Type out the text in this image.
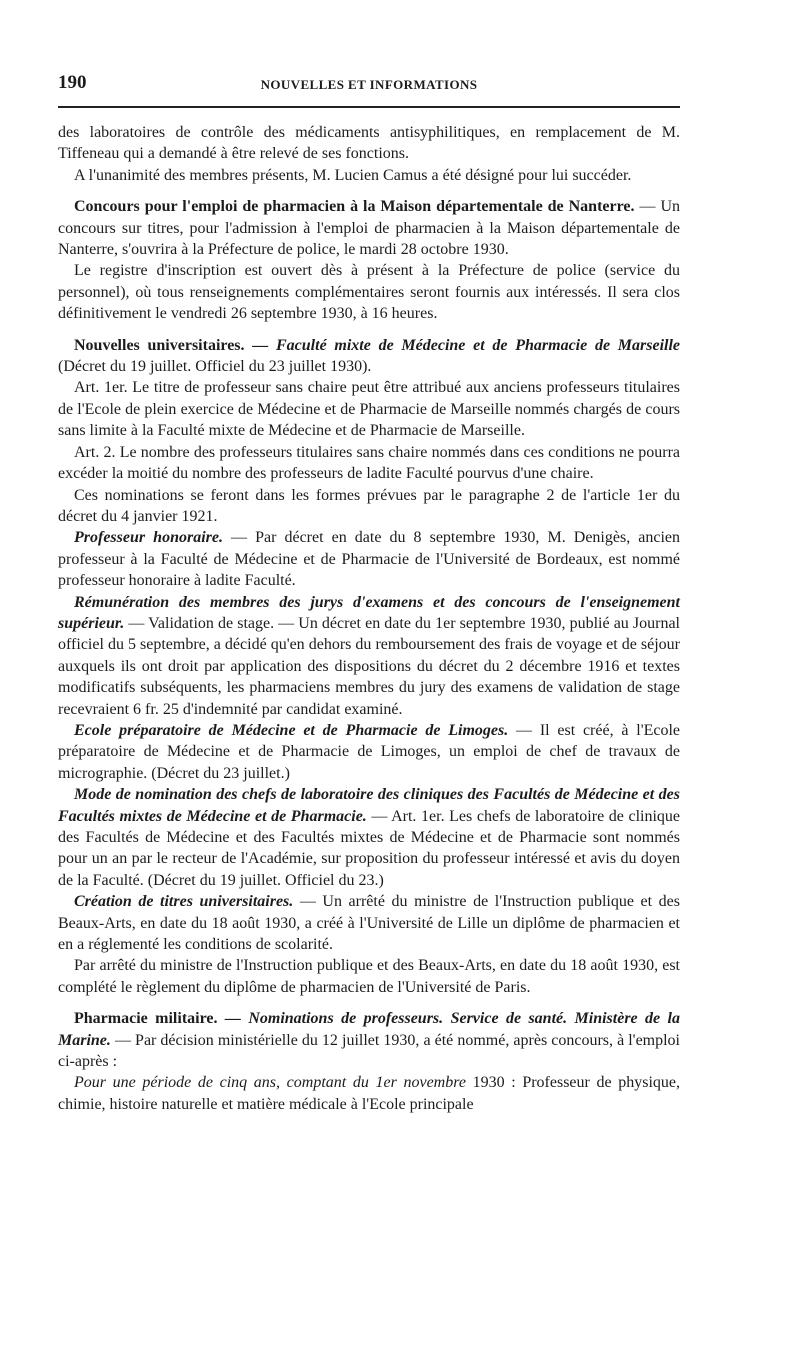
190	NOUVELLES ET INFORMATIONS

des laboratoires de contrôle des médicaments antisyphilitiques, en remplacement de M. Tiffeneau qui a demandé à être relevé de ses fonctions.

A l'unanimité des membres présents, M. Lucien Camus a été désigné pour lui succéder.

Concours pour l'emploi de pharmacien à la Maison départementale de Nanterre. — Un concours sur titres, pour l'admission à l'emploi de pharmacien à la Maison départementale de Nanterre, s'ouvrira à la Préfecture de police, le mardi 28 octobre 1930.

Le registre d'inscription est ouvert dès à présent à la Préfecture de police (service du personnel), où tous renseignements complémentaires seront fournis aux intéressés. Il sera clos définitivement le vendredi 26 septembre 1930, à 16 heures.

Nouvelles universitaires. — Faculté mixte de Médecine et de Pharmacie de Marseille (Décret du 19 juillet. Officiel du 23 juillet 1930).

Art. 1er. Le titre de professeur sans chaire peut être attribué aux anciens professeurs titulaires de l'Ecole de plein exercice de Médecine et de Pharmacie de Marseille nommés chargés de cours sans limite à la Faculté mixte de Médecine et de Pharmacie de Marseille.

Art. 2. Le nombre des professeurs titulaires sans chaire nommés dans ces conditions ne pourra excéder la moitié du nombre des professeurs de ladite Faculté pourvus d'une chaire.

Ces nominations se feront dans les formes prévues par le paragraphe 2 de l'article 1er du décret du 4 janvier 1921.

Professeur honoraire. — Par décret en date du 8 septembre 1930, M. Denigès, ancien professeur à la Faculté de Médecine et de Pharmacie de l'Université de Bordeaux, est nommé professeur honoraire à ladite Faculté.

Rémunération des membres des jurys d'examens et des concours de l'enseignement supérieur. — Validation de stage. — Un décret en date du 1er septembre 1930, publié au Journal officiel du 5 septembre, a décidé qu'en dehors du remboursement des frais de voyage et de séjour auxquels ils ont droit par application des dispositions du décret du 2 décembre 1916 et textes modificatifs subséquents, les pharmaciens membres du jury des examens de validation de stage recevraient 6 fr. 25 d'indemnité par candidat examiné.

Ecole préparatoire de Médecine et de Pharmacie de Limoges. — Il est créé, à l'Ecole préparatoire de Médecine et de Pharmacie de Limoges, un emploi de chef de travaux de micrographie. (Décret du 23 juillet.)

Mode de nomination des chefs de laboratoire des cliniques des Facultés de Médecine et des Facultés mixtes de Médecine et de Pharmacie. — Art. 1er. Les chefs de laboratoire de clinique des Facultés de Médecine et des Facultés mixtes de Médecine et de Pharmacie sont nommés pour un an par le recteur de l'Académie, sur proposition du professeur intéressé et avis du doyen de la Faculté. (Décret du 19 juillet. Officiel du 23.)

Création de titres universitaires. — Un arrêté du ministre de l'Instruction publique et des Beaux-Arts, en date du 18 août 1930, a créé à l'Université de Lille un diplôme de pharmacien et en a réglementé les conditions de scolarité.

Par arrêté du ministre de l'Instruction publique et des Beaux-Arts, en date du 18 août 1930, est complété le règlement du diplôme de pharmacien de l'Université de Paris.

Pharmacie militaire. — Nominations de professeurs. Service de santé. Ministère de la Marine. — Par décision ministérielle du 12 juillet 1930, a été nommé, après concours, à l'emploi ci-après :

Pour une période de cinq ans, comptant du 1er novembre 1930 : Professeur de physique, chimie, histoire naturelle et matière médicale à l'Ecole principale
